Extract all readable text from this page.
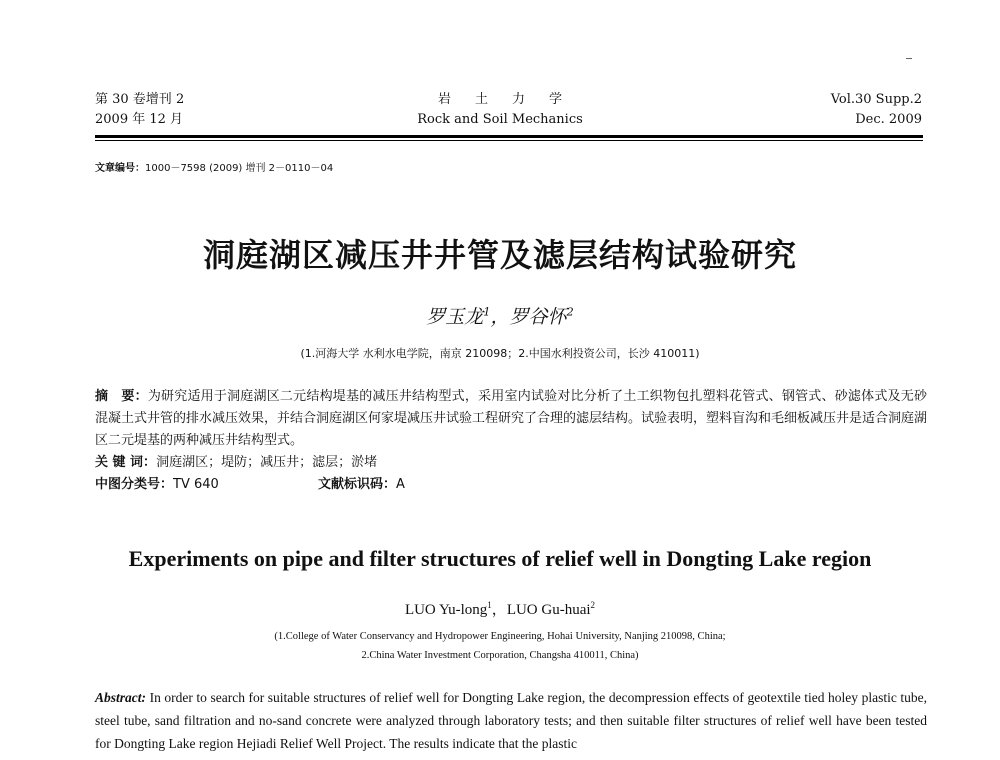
第 30 卷增刊 2
2009 年 12 月
岩土力学
Rock and Soil Mechanics
Vol.30 Supp.2
Dec. 2009
文章编号：1000－7598 (2009) 增刊 2－0110－04
洞庭湖区减压井井管及滤层结构试验研究
罗玉龙$^1$，罗谷怀$^2$
(1.河海大学 水利水电学院，南京 210098；2.中国水利投资公司，长沙 410011)
摘　要：为研究适用于洞庭湖区二元结构堤基的减压井结构型式，采用室内试验对比分析了土工织物包扎塑料花管式、钢管式、砂滤体式及无砂混凝土式井管的排水减压效果，并结合洞庭湖区何家堤减压井试验工程研究了合理的滤层结构。试验表明，塑料盲沟和毛细板减压井是适合洞庭湖区二元堤基的两种减压井结构型式。
关 键 词：洞庭湖区；堤防；减压井；滤层；淤堵
中图分类号：TV 640	文献标识码：A
Experiments on pipe and filter structures of relief well in Dongting Lake region
LUO Yu-long$^1$，LUO Gu-huai$^2$
(1.College of Water Conservancy and Hydropower Engineering, Hohai University, Nanjing 210098, China;
2.China Water Investment Corporation, Changsha 410011, China)
Abstract: In order to search for suitable structures of relief well for Dongting Lake region, the decompression effects of geotextile tied holey plastic tube, steel tube, sand filtration and no-sand concrete were analyzed through laboratory tests; and then suitable filter structures of relief well have been tested for Dongting Lake region Hejiadi Relief Well Project. The results indicate that the plastic
